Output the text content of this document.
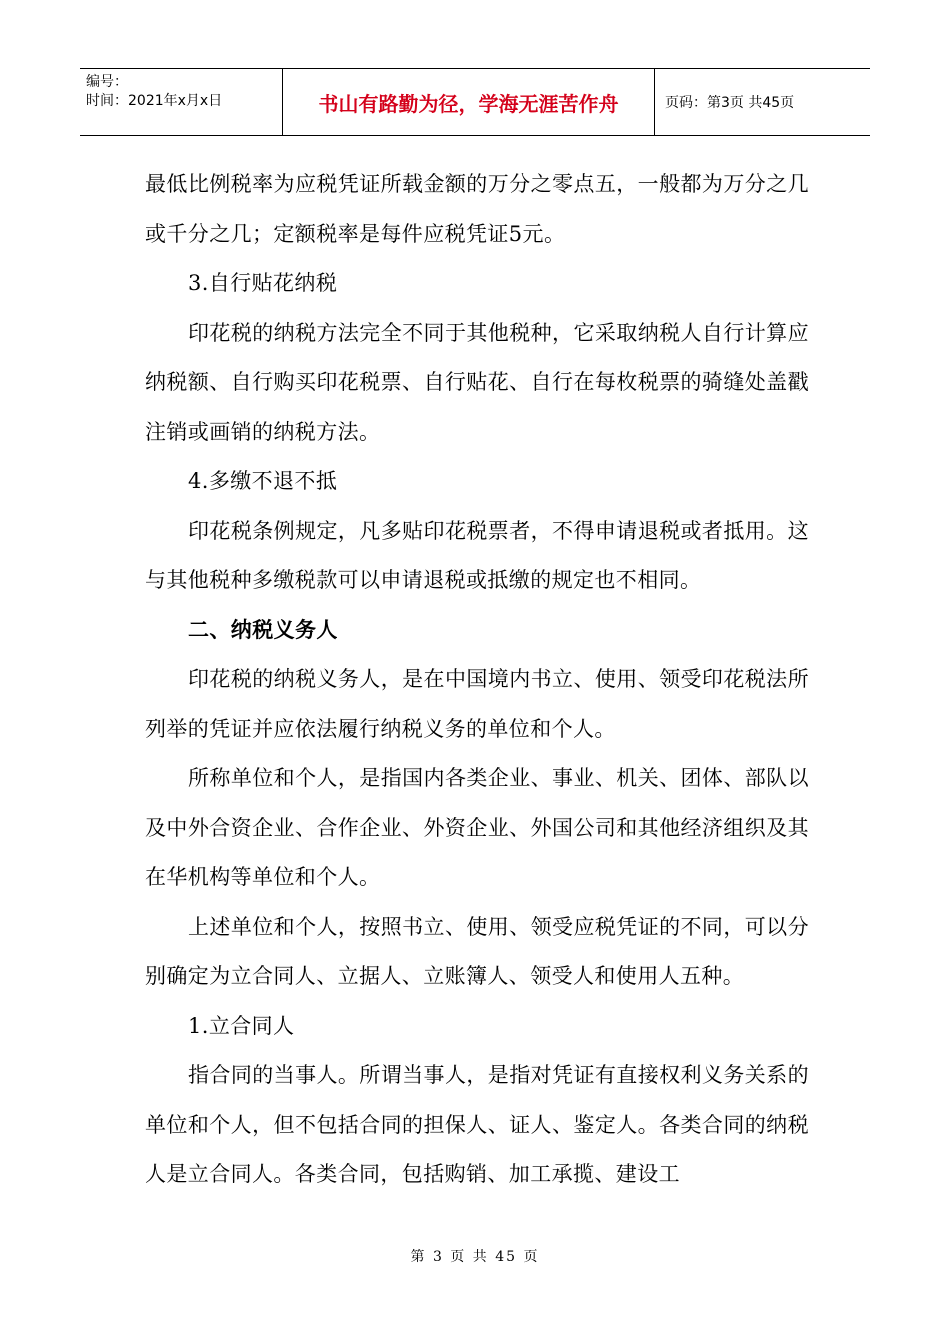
编号：
时间：2021年x月x日	书山有路勤为径，学海无涯苦作舟	页码：第3页 共45页

最低比例税率为应税凭证所载金额的万分之零点五，一般都为万分之几或千分之几；定额税率是每件应税凭证5元。

3.自行贴花纳税

印花税的纳税方法完全不同于其他税种，它采取纳税人自行计算应纳税额、自行购买印花税票、自行贴花、自行在每枚税票的骑缝处盖戳注销或画销的纳税方法。

4.多缴不退不抵

印花税条例规定，凡多贴印花税票者，不得申请退税或者抵用。这与其他税种多缴税款可以申请退税或抵缴的规定也不相同。

二、纳税义务人

印花税的纳税义务人，是在中国境内书立、使用、领受印花税法所列举的凭证并应依法履行纳税义务的单位和个人。

所称单位和个人，是指国内各类企业、事业、机关、团体、部队以及中外合资企业、合作企业、外资企业、外国公司和其他经济组织及其在华机构等单位和个人。

上述单位和个人，按照书立、使用、领受应税凭证的不同，可以分别确定为立合同人、立据人、立账簿人、领受人和使用人五种。

1.立合同人

指合同的当事人。所谓当事人，是指对凭证有直接权利义务关系的单位和个人，但不包括合同的担保人、证人、鉴定人。各类合同的纳税人是立合同人。各类合同，包括购销、加工承揽、建设工

第 3 页 共 45 页
